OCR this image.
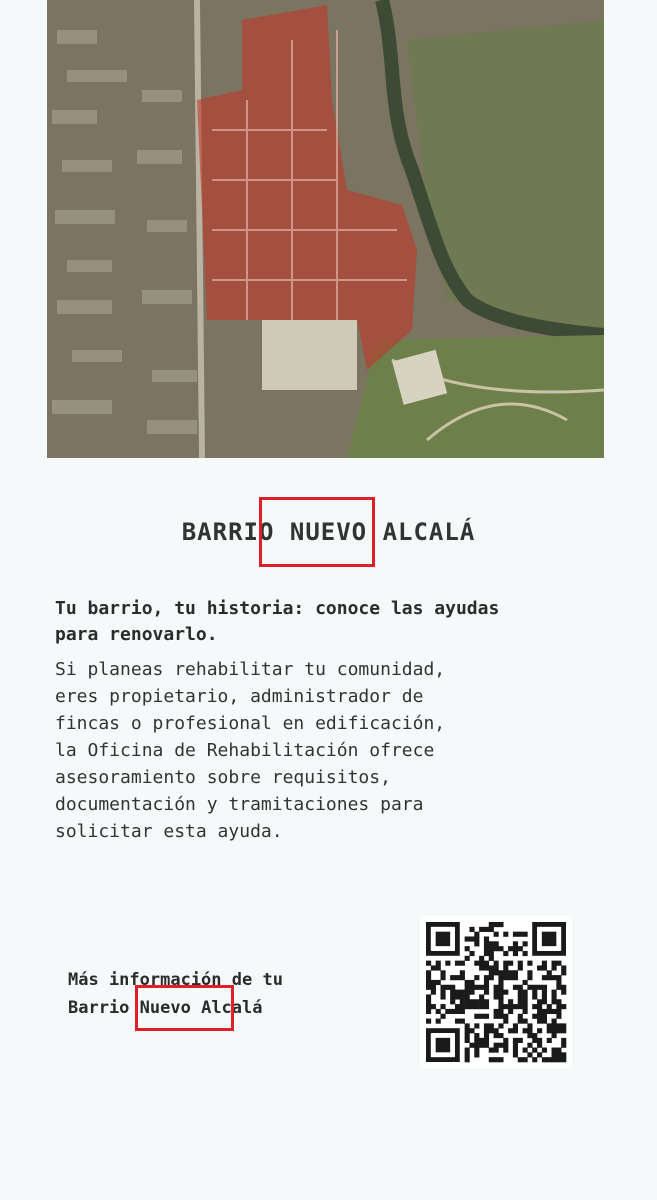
BARRIO NUEVO ALCALÁ
Tu barrio, tu historia: conoce las ayudas
para renovarlo.
Si planeas rehabilitar tu comunidad,
eres propietario, administrador de
fincas o profesional en edificación,
la Oficina de Rehabilitación ofrece
asesoramiento sobre requisitos,
documentación y tramitaciones para
solicitar esta ayuda.
Más información de tu
Barrio Nuevo Alcalá
